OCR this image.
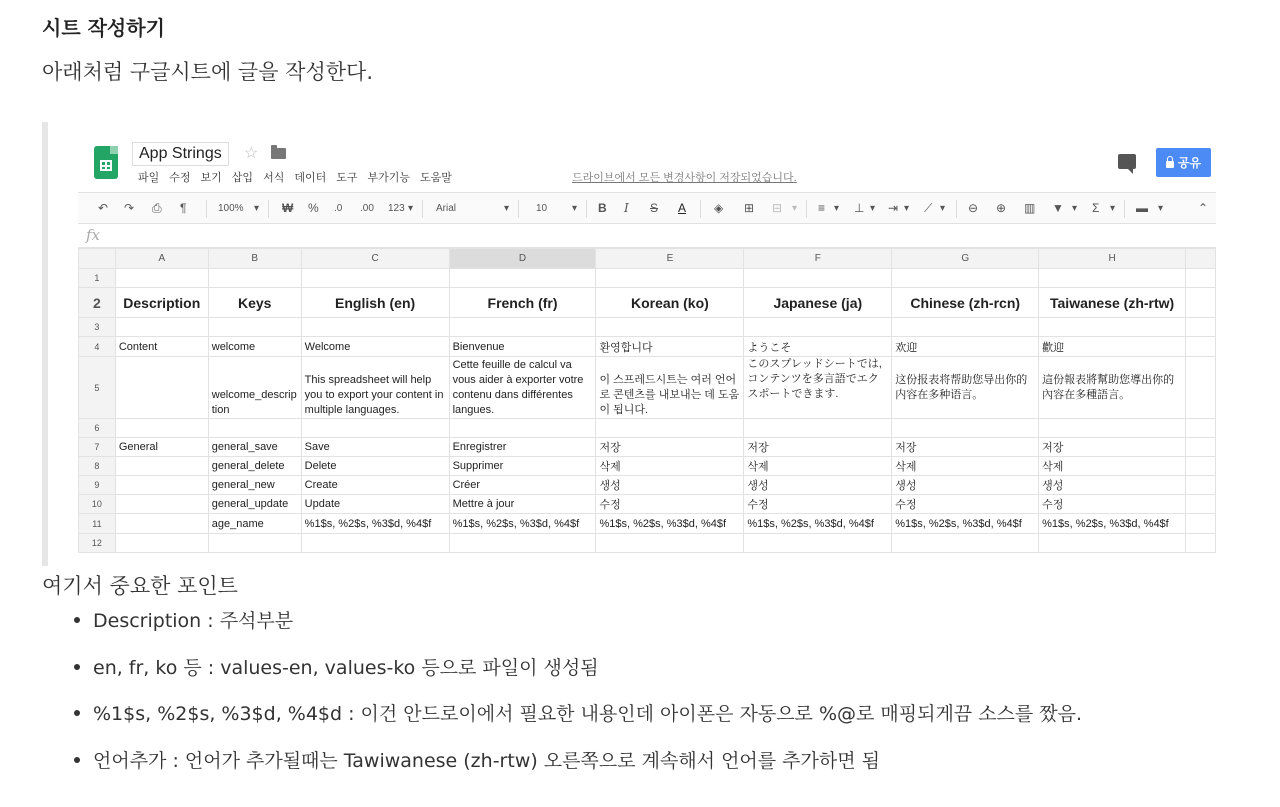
시트 작성하기
아래처럼 구글시트에 글을 작성한다.
App Strings	☆
파일 수정 보기 삽입 서식 데이터 도구 부가기능 도움말	드라이브에서 모든 변경사항이 저장되었습니다.
공유
↶ ↷ ⎙ ¶	100% ▾ ₩ % .0 .00 123 ▾ Arial	▾	10 ▾ B I S A ◈ ⊞ ⊟ ▾ ≡ ▾ ⊥ ▾ ⇥ ▾ ⟋ ▾ ⊖ ⊕ ▥ ▼ ▾ Σ ▾ ▬ ▾	⌃
fx
	A	B	C	D	E	F	G	H	
1									
2	Description	Keys	English (en)	French (fr)	Korean (ko)	Japanese (ja)	Chinese (zh-rcn)	Taiwanese (zh-rtw)	
3									
4	Content	welcome	Welcome	Bienvenue	환영합니다	ようこそ	欢迎	歡迎	
5		welcome_description	This spreadsheet will help you to export your content in multiple languages.	Cette feuille de calcul va vous aider à exporter votre contenu dans différentes langues.	이 스프레드시트는 여러 언어로 콘텐츠를 내보내는 데 도움이 됩니다.	このスプレッドシートでは,コンテンツを多言語でエクスポートできます.	这份报表将帮助您导出你的内容在多种语言。	這份報表將幫助您導出你的內容在多種語言。	
6									
7	General	general_save	Save	Enregistrer	저장	저장	저장	저장	
8		general_delete	Delete	Supprimer	삭제	삭제	삭제	삭제	
9		general_new	Create	Créer	생성	생성	생성	생성	
10		general_update	Update	Mettre à jour	수정	수정	수정	수정	
11		age_name	%1$s, %2$s, %3$d, %4$f	%1$s, %2$s, %3$d, %4$f	%1$s, %2$s, %3$d, %4$f	%1$s, %2$s, %3$d, %4$f	%1$s, %2$s, %3$d, %4$f	%1$s, %2$s, %3$d, %4$f	
12									
여기서 중요한 포인트
Description : 주석부분
en, fr, ko 등 : values-en, values-ko 등으로 파일이 생성됨
%1$s, %2$s, %3$d, %4$d : 이건 안드로이에서 필요한 내용인데 아이폰은 자동으로 %@로 매핑되게끔 소스를 짰음.
언어추가 : 언어가 추가될때는 Tawiwanese (zh-rtw) 오른쪽으로 계속해서 언어를 추가하면 됨
